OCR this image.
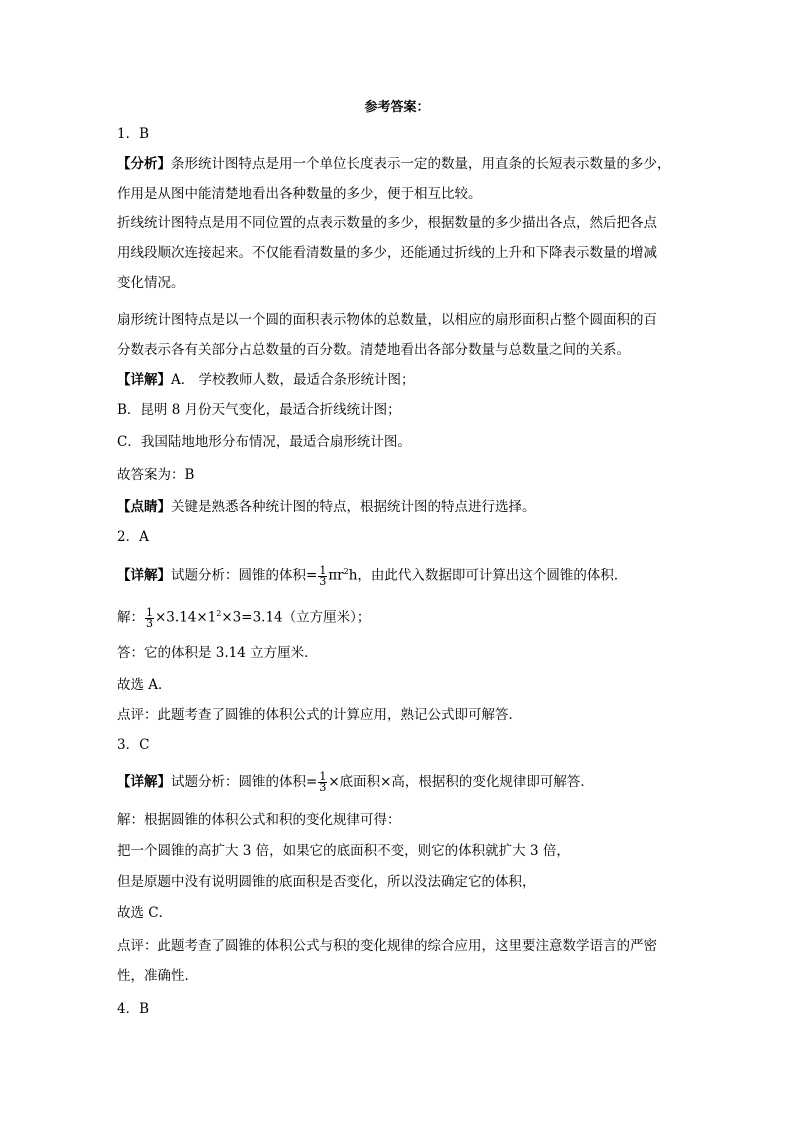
参考答案：
1．B
【分析】条形统计图特点是用一个单位长度表示一定的数量，用直条的长短表示数量的多少，
作用是从图中能清楚地看出各种数量的多少，便于相互比较。
折线统计图特点是用不同位置的点表示数量的多少，根据数量的多少描出各点，然后把各点
用线段顺次连接起来。不仅能看清数量的多少，还能通过折线的上升和下降表示数量的增减
变化情况。
扇形统计图特点是以一个圆的面积表示物体的总数量，以相应的扇形面积占整个圆面积的百
分数表示各有关部分占总数量的百分数。清楚地看出各部分数量与总数量之间的关系。
【详解】A． 学校教师人数，最适合条形统计图；
B．昆明 8 月份天气变化，最适合折线统计图；
C．我国陆地地形分布情况，最适合扇形统计图。
故答案为：B
【点睛】关键是熟悉各种统计图的特点，根据统计图的特点进行选择。
2．A
【详解】试题分析：圆锥的体积= $\frac{1}{3} \pi r^2h$，由此代入数据即可计算出这个圆锥的体积．
解： $\frac{1}{3} \times 3.14\times 1^2\times 3=3.14$（立方厘米）；
答：它的体积是 3.14 立方厘米．
故选 A．
点评：此题考查了圆锥的体积公式的计算应用，熟记公式即可解答．
3．C
【详解】试题分析：圆锥的体积= $\frac{1}{3}$ ×底面积×高，根据积的变化规律即可解答．
解：根据圆锥的体积公式和积的变化规律可得：
把一个圆锥的高扩大 3 倍，如果它的底面积不变，则它的体积就扩大 3 倍，
但是原题中没有说明圆锥的底面积是否变化，所以没法确定它的体积，
故选 C．
点评：此题考查了圆锥的体积公式与积的变化规律的综合应用，这里要注意数学语言的严密
性，准确性．
4．B
